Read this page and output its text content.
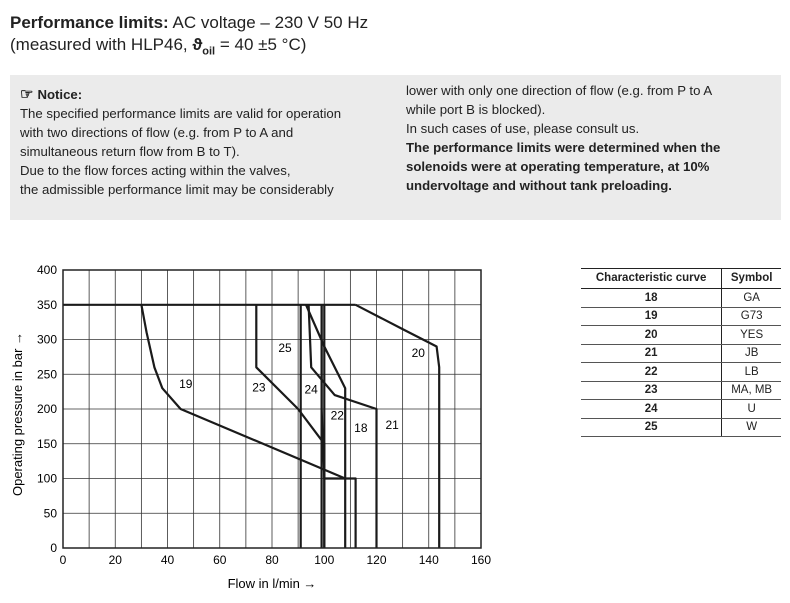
Performance limits: AC voltage – 230 V 50 Hz
(measured with HLP46, $ϑ_{oil} = 40 \pm 5$ °C)
☞ Notice:
The specified performance limits are valid for operation
with two directions of flow (e.g. from P to A and
simultaneous return flow from B to T).
Due to the flow forces acting within the valves,
the admissible performance limit may be considerably
lower with only one direction of flow (e.g. from P to A
while port B is blocked).
In such cases of use, please consult us.
The performance limits were determined when the
solenoids were at operating temperature, at 10%
undervoltage and without tank preloading.
0	20	40	60	80	100	120	140	160
0
50
100
150
200
250
300
350
400
19
20
25
23	24
22
18 21
Flow in l/min →
Operating pressure in bar →
Characteristic curve	Symbol
18	GA
19	G73
20	YES
21	JB
22	LB
23	MA, MB
24	U
25	W
